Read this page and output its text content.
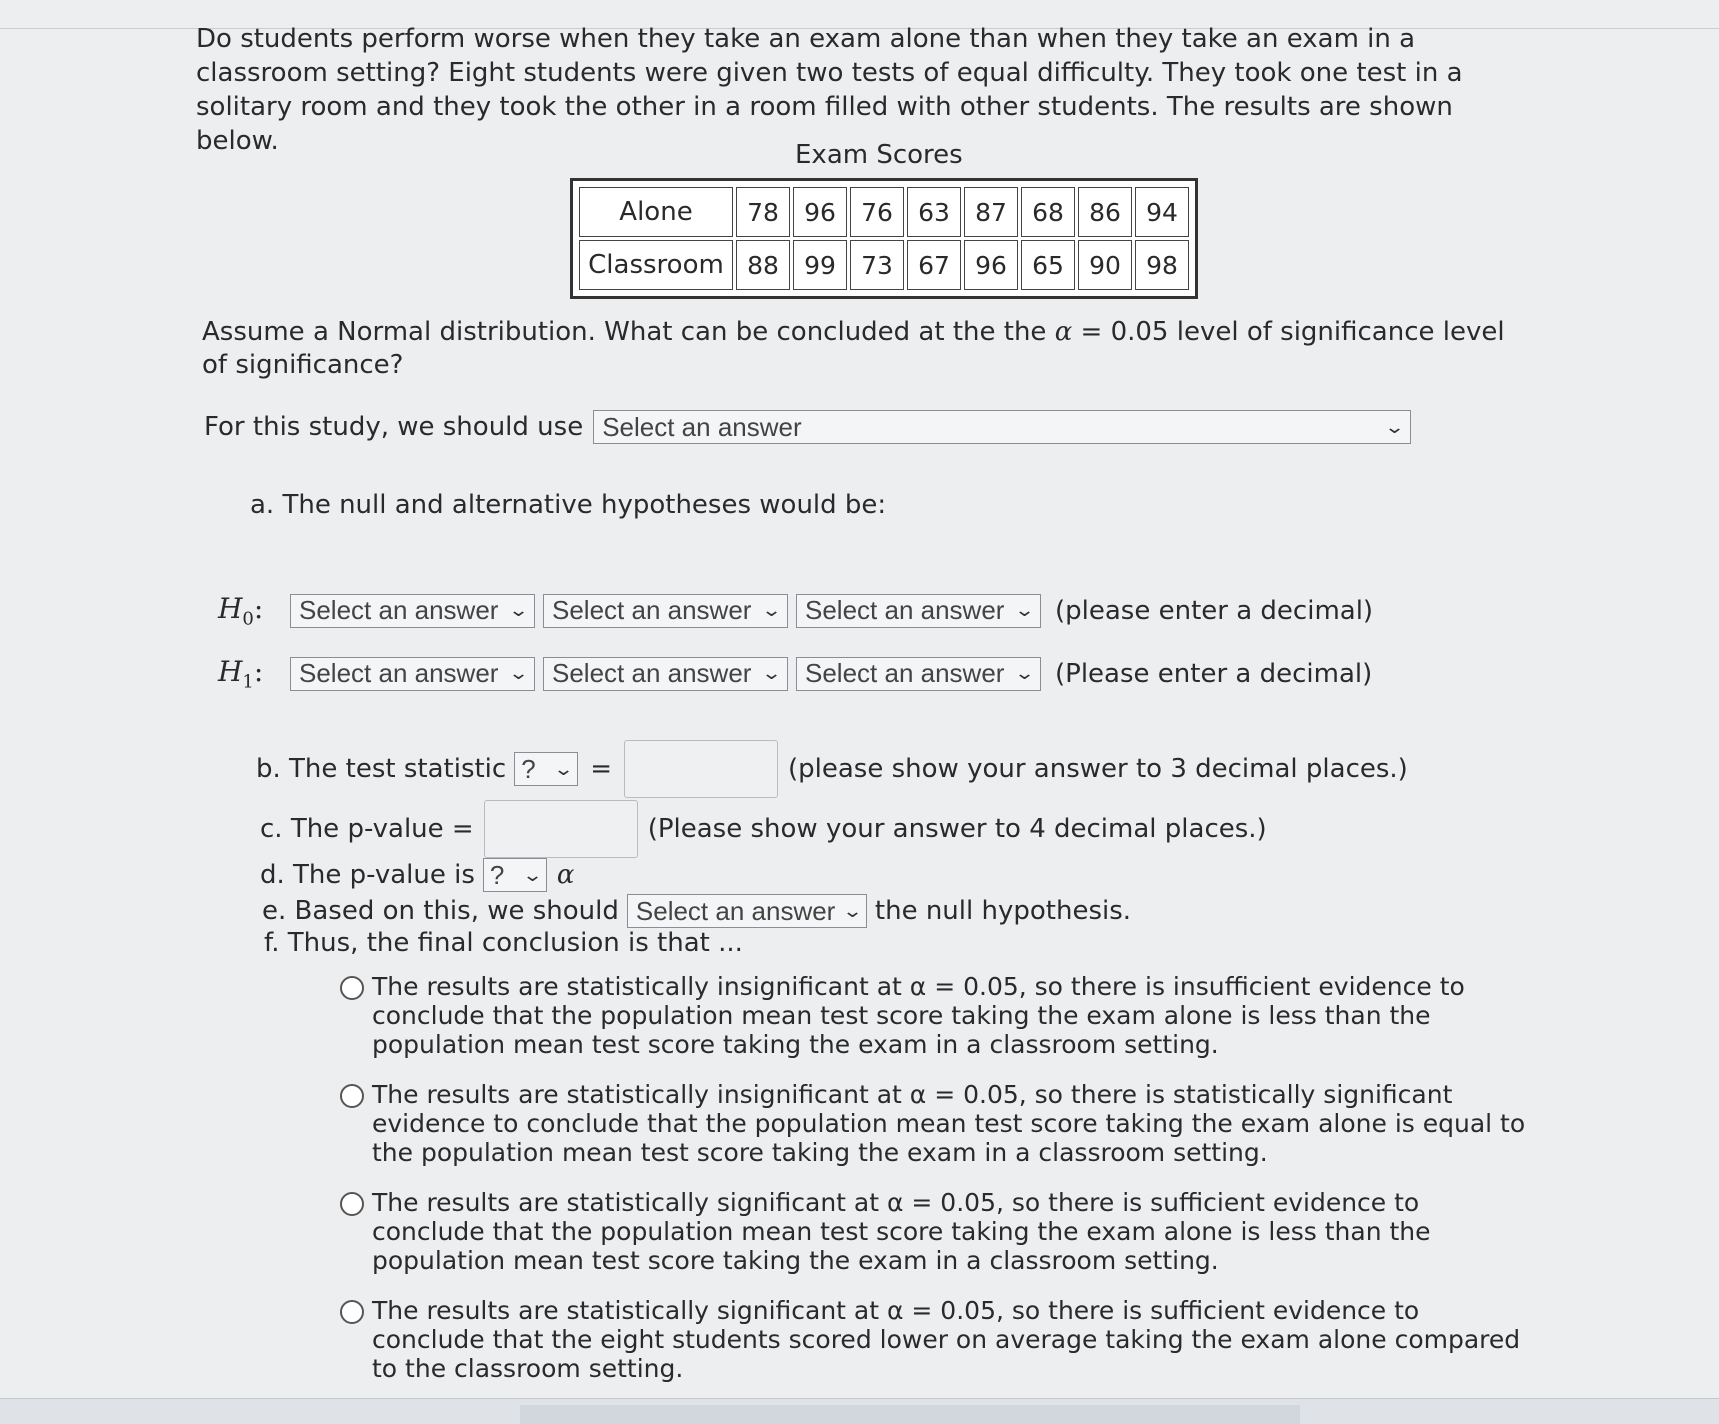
Do students perform worse when they take an exam alone than when they take an exam in a classroom setting? Eight students were given two tests of equal difficulty. They took one test in a solitary room and they took the other in a room filled with other students. The results are shown below.	Exam Scores
Alone	78	96	76	63	87	68	86	94
Classroom	88	99	73	67	96	65	90	98
Assume a Normal distribution. What can be concluded at the the α = 0.05 level of significance level of significance?
For this study, we should use Select an answer	⌄
a. The null and alternative hypotheses would be:
$H_0$:	Select an answer ⌄ Select an answer ⌄ Select an answer ⌄ (please enter a decimal)
$H_1$:	Select an answer ⌄ Select an answer ⌄ Select an answer ⌄ (Please enter a decimal)
b. The test statistic ? ⌄ =	(please show your answer to 3 decimal places.)
c. The p-value =	(Please show your answer to 4 decimal places.)
d. The p-value is ? ⌄ α
e. Based on this, we should Select an answer ⌄ the null hypothesis.
f. Thus, the final conclusion is that ...
The results are statistically insignificant at α = 0.05, so there is insufficient evidence to conclude that the population mean test score taking the exam alone is less than the population mean test score taking the exam in a classroom setting.
The results are statistically insignificant at α = 0.05, so there is statistically significant evidence to conclude that the population mean test score taking the exam alone is equal to the population mean test score taking the exam in a classroom setting.
The results are statistically significant at α = 0.05, so there is sufficient evidence to conclude that the population mean test score taking the exam alone is less than the population mean test score taking the exam in a classroom setting.
The results are statistically significant at α = 0.05, so there is sufficient evidence to conclude that the eight students scored lower on average taking the exam alone compared to the classroom setting.
